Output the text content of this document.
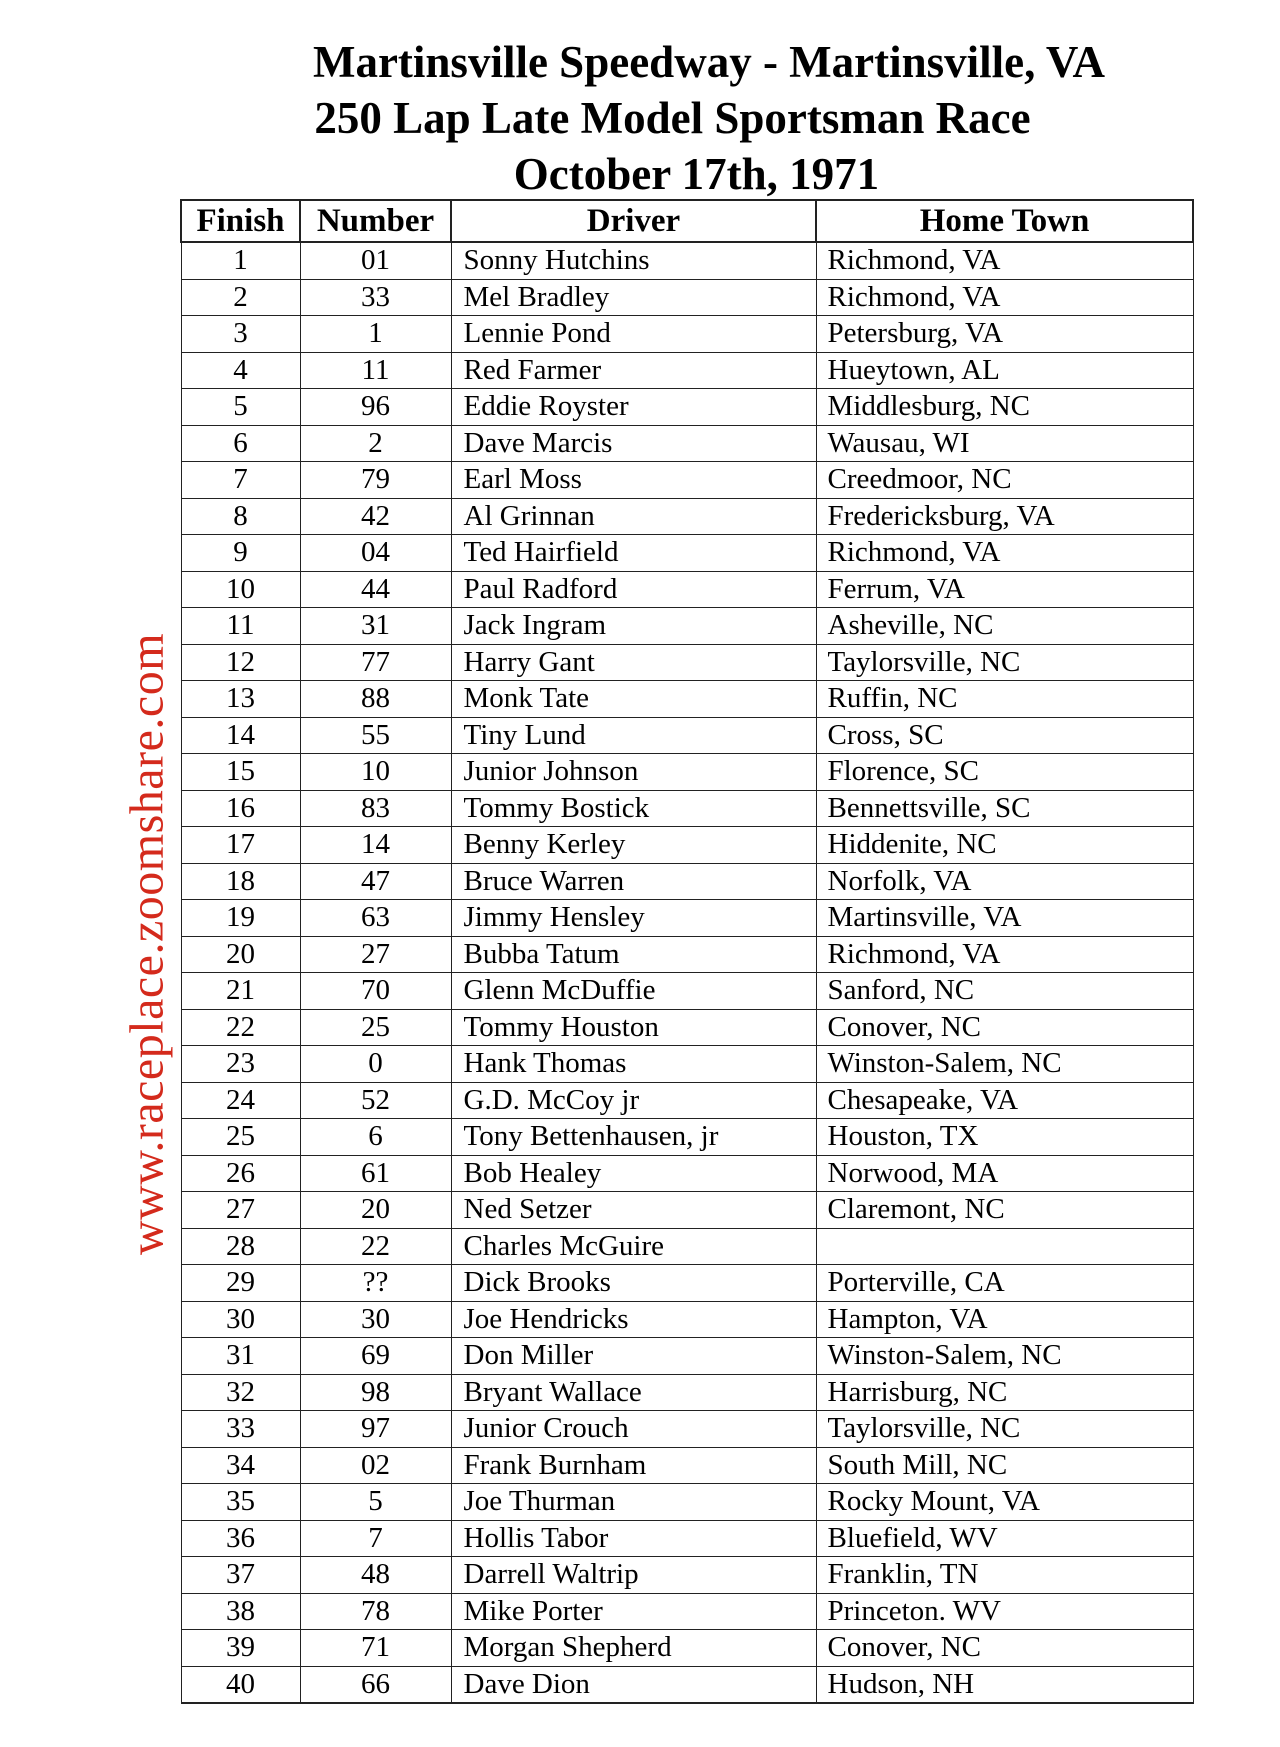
Martinsville Speedway - Martinsville, VA
250 Lap Late Model Sportsman Race
October 17th, 1971
www.raceplace.zoomshare.com
Finish	Number	Driver	Home Town
1	01	Sonny Hutchins	Richmond, VA
2	33	Mel Bradley	Richmond, VA
3	1	Lennie Pond	Petersburg, VA
4	11	Red Farmer	Hueytown, AL
5	96	Eddie Royster	Middlesburg, NC
6	2	Dave Marcis	Wausau, WI
7	79	Earl Moss	Creedmoor, NC
8	42	Al Grinnan	Fredericksburg, VA
9	04	Ted Hairfield	Richmond, VA
10	44	Paul Radford	Ferrum, VA
11	31	Jack Ingram	Asheville, NC
12	77	Harry Gant	Taylorsville, NC
13	88	Monk Tate	Ruffin, NC
14	55	Tiny Lund	Cross, SC
15	10	Junior Johnson	Florence, SC
16	83	Tommy Bostick	Bennettsville, SC
17	14	Benny Kerley	Hiddenite, NC
18	47	Bruce Warren	Norfolk, VA
19	63	Jimmy Hensley	Martinsville, VA
20	27	Bubba Tatum	Richmond, VA
21	70	Glenn McDuffie	Sanford, NC
22	25	Tommy Houston	Conover, NC
23	0	Hank Thomas	Winston-Salem, NC
24	52	G.D. McCoy jr	Chesapeake, VA
25	6	Tony Bettenhausen, jr	Houston, TX
26	61	Bob Healey	Norwood, MA
27	20	Ned Setzer	Claremont, NC
28	22	Charles McGuire	
29	??	Dick Brooks	Porterville, CA
30	30	Joe Hendricks	Hampton, VA
31	69	Don Miller	Winston-Salem, NC
32	98	Bryant Wallace	Harrisburg, NC
33	97	Junior Crouch	Taylorsville, NC
34	02	Frank Burnham	South Mill, NC
35	5	Joe Thurman	Rocky Mount, VA
36	7	Hollis Tabor	Bluefield, WV
37	48	Darrell Waltrip	Franklin, TN
38	78	Mike Porter	Princeton. WV
39	71	Morgan Shepherd	Conover, NC
40	66	Dave Dion	Hudson, NH
